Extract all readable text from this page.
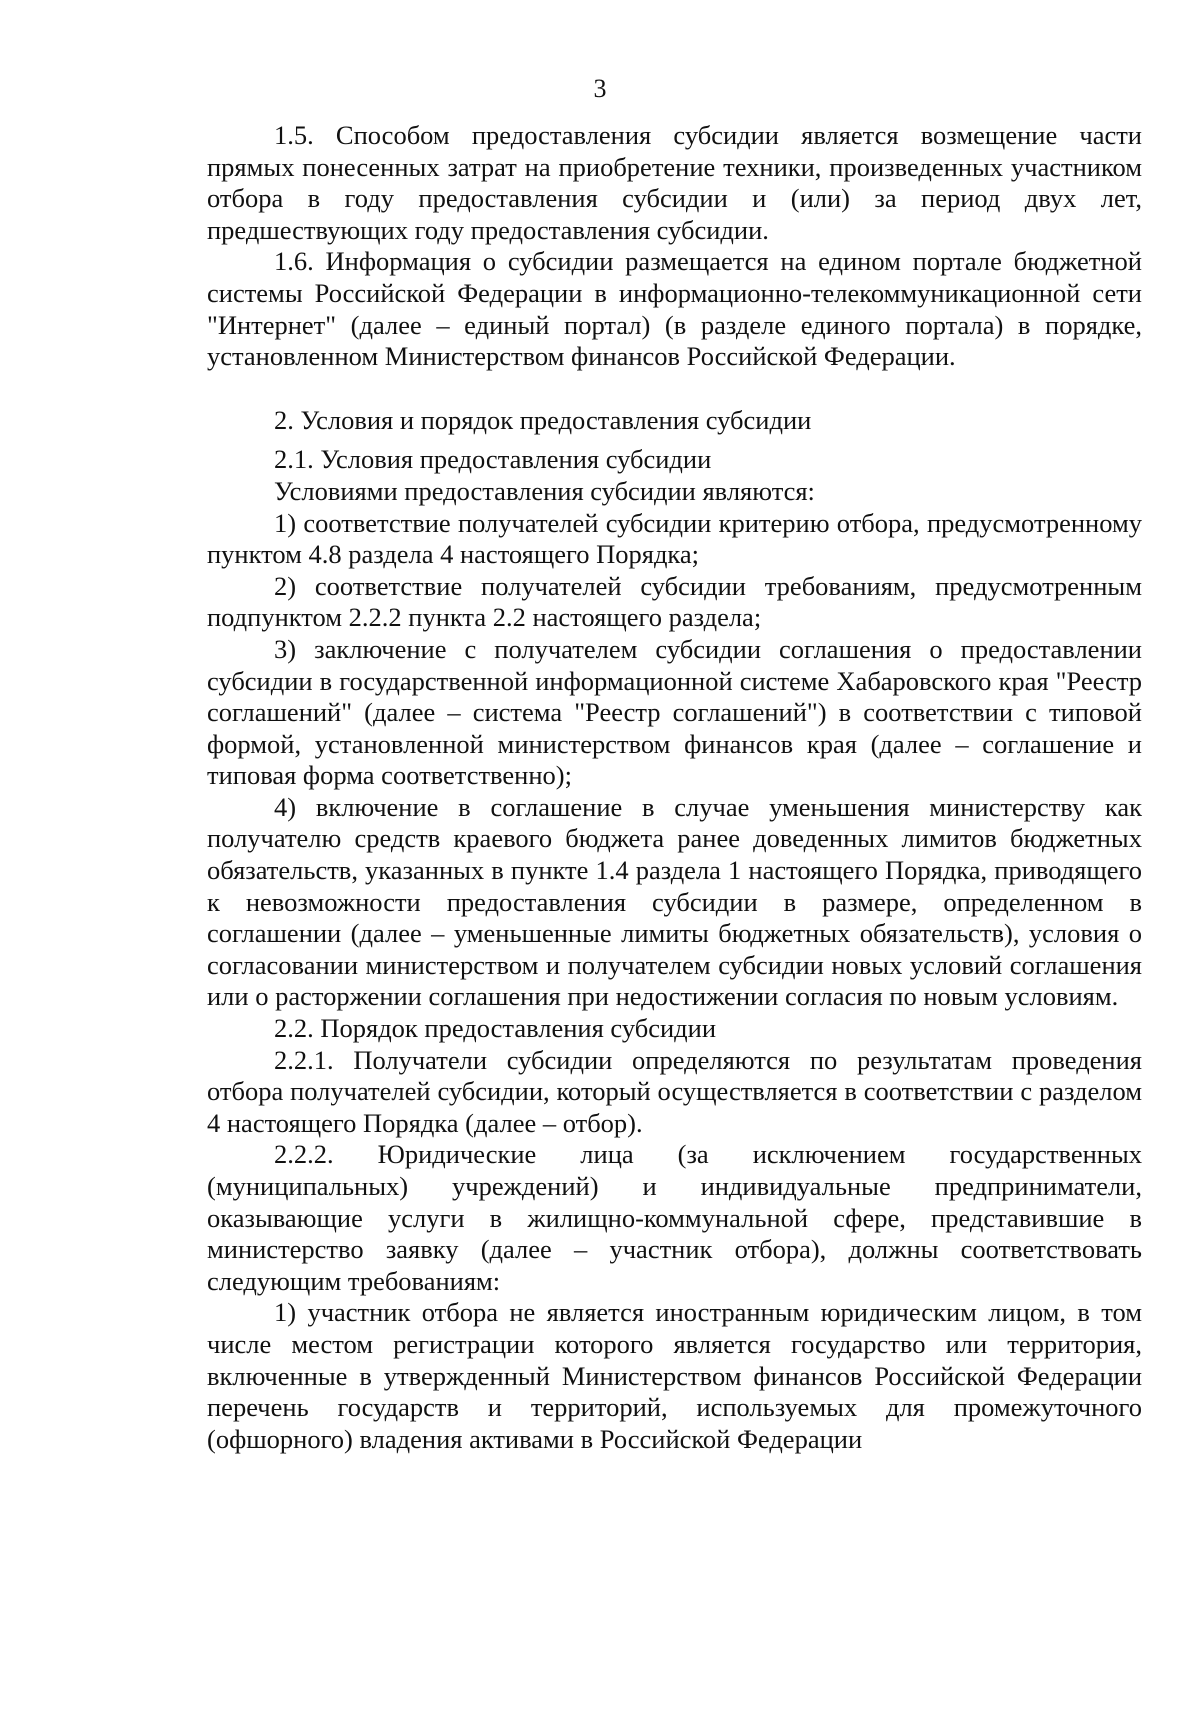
3

1.5. Способом предоставления субсидии является возмещение части прямых понесенных затрат на приобретение техники, произведенных участником отбора в году предоставления субсидии и (или) за период двух лет, предшествующих году предоставления субсидии.

1.6. Информация о субсидии размещается на едином портале бюджетной системы Российской Федерации в информационно-телекоммуникационной сети "Интернет" (далее – единый портал) (в разделе единого портала) в порядке, установленном Министерством финансов Российской Федерации.

2. Условия и порядок предоставления субсидии

2.1. Условия предоставления субсидии

Условиями предоставления субсидии являются:

1) соответствие получателей субсидии критерию отбора, предусмотренному пунктом 4.8 раздела 4 настоящего Порядка;

2) соответствие получателей субсидии требованиям, предусмотренным подпунктом 2.2.2 пункта 2.2 настоящего раздела;

3) заключение с получателем субсидии соглашения о предоставлении субсидии в государственной информационной системе Хабаровского края "Реестр соглашений" (далее – система "Реестр соглашений") в соответствии с типовой формой, установленной министерством финансов края (далее – соглашение и типовая форма соответственно);

4) включение в соглашение в случае уменьшения министерству как получателю средств краевого бюджета ранее доведенных лимитов бюджетных обязательств, указанных в пункте 1.4 раздела 1 настоящего Порядка, приводящего к невозможности предоставления субсидии в размере, определенном в соглашении (далее – уменьшенные лимиты бюджетных обязательств), условия о согласовании министерством и получателем субсидии новых условий соглашения или о расторжении соглашения при недостижении согласия по новым условиям.

2.2. Порядок предоставления субсидии

2.2.1. Получатели субсидии определяются по результатам проведения отбора получателей субсидии, который осуществляется в соответствии с разделом 4 настоящего Порядка (далее – отбор).

2.2.2. Юридические лица (за исключением государственных (муниципальных) учреждений) и индивидуальные предприниматели, оказывающие услуги в жилищно-коммунальной сфере, представившие в министерство заявку (далее – участник отбора), должны соответствовать следующим требованиям:

1) участник отбора не является иностранным юридическим лицом, в том числе местом регистрации которого является государство или территория, включенные в утвержденный Министерством финансов Российской Федерации перечень государств и территорий, используемых для промежуточного (офшорного) владения активами в Российской Федерации
